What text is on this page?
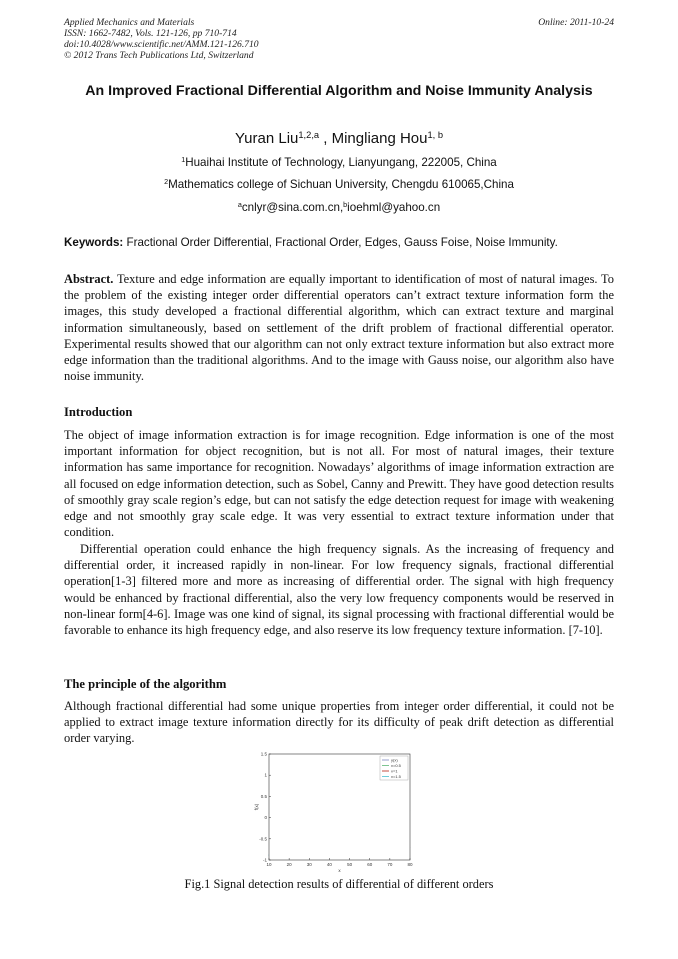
Applied Mechanics and Materials
ISSN: 1662-7482, Vols. 121-126, pp 710-714
doi:10.4028/www.scientific.net/AMM.121-126.710
© 2012 Trans Tech Publications Ltd, Switzerland
Online: 2011-10-24
An Improved Fractional Differential Algorithm and Noise Immunity Analysis
Yuran Liu$^{1,2,a}$ , Mingliang Hou$^{1, b}$
$^1$Huaihai Institute of Technology, Lianyungang, 222005, China
$^2$Mathematics college of Sichuan University, Chengdu 610065,China
$^a$cnlyr@sina.com.cn,$^b$ioehml@yahoo.cn
Keywords: Fractional Order Differential, Fractional Order, Edges, Gauss Foise, Noise Immunity.
Abstract. Texture and edge information are equally important to identification of most of natural images. To the problem of the existing integer order differential operators can’t extract texture information form the images, this study developed a fractional differential algorithm, which can extract texture and marginal information simultaneously, based on settlement of the drift problem of fractional differential operator. Experimental results showed that our algorithm can not only extract texture information but also extract more edge information than the traditional algorithms. And to the image with Gauss noise, our algorithm also have noise immunity.
Introduction
The object of image information extraction is for image recognition. Edge information is one of the most important information for object recognition, but is not all. For most of natural images, their texture information has same importance for recognition. Nowadays’ algorithms of image information extraction are all focused on edge information detection, such as Sobel, Canny and Prewitt. They have good detection results of smoothly gray scale region’s edge, but can not satisfy the edge detection request for image with weakening edge and not smoothly gray scale edge. It was very essential to extract texture information under that condition.
Differential operation could enhance the high frequency signals. As the increasing of frequency and differential order, it increased rapidly in non-linear. For low frequency signals, fractional differential operation[1-3] filtered more and more as increasing of differential order. The signal with high frequency would be enhanced by fractional differential, also the very low frequency components would be reserved in non-linear form[4-6]. Image was one kind of signal, its signal processing with fractional differential would be favorable to enhance its high frequency edge, and also reserve its low frequency texture information. [7-10].
The principle of the algorithm
Although fractional differential had some unique properties from integer order differential, it could not be applied to extract image texture information directly for its difficulty of peak drift detection as differential order varying.
10	20	30	40	50	60	70	80
-1
-0.5
0
0.5
1
1.5
x
f(x)
y(x)
v=0.5
v=1
v=1.5
Fig.1 Signal detection results of differential of different orders
